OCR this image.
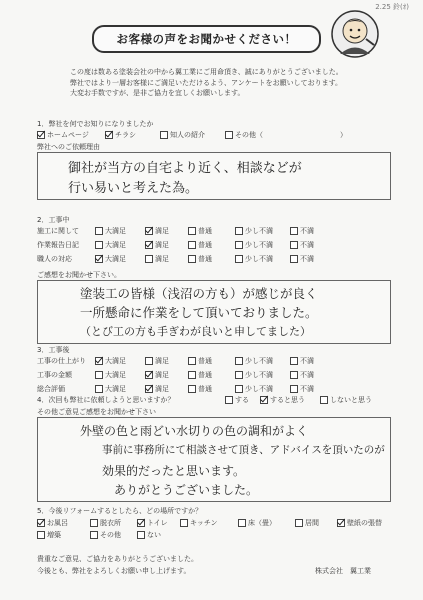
2.25 鈴(ｵ)
お客様の声をお聞かせください！
この度は数ある塗装会社の中から翼工業にご用命頂き、誠にありがとうございました。
弊社ではより一層お客様にご満足いただけるよう、アンケートをお願いしております。
大変お手数ですが、是非ご協力を宜しくお願いします。
1．弊社を何でお知りになりましたか
ホームページ	チラシ	知人の紹介	その他（	）
弊社へのご依頼理由
御社が当方の自宅より近く、相談などが
行い易いと考えた為。
2．工事中
施工に関して	大満足	満足	普通	少し不満	不満
作業報告日記	大満足	満足	普通	少し不満	不満
職人の対応	大満足	満足	普通	少し不満	不満
ご感想をお聞かせ下さい。
塗装工の皆様（浅沼の方も）が感じが良く
一所懸命に作業をして頂いておりました。
（とび工の方も手ぎわが良いと申してました）
3．工事後
工事の仕上がり	大満足	満足	普通	少し不満	不満
工事の金額	大満足	満足	普通	少し不満	不満
総合評価	大満足	満足	普通	少し不満	不満
4．次回も弊社に依頼しようと思いますか？	する	すると思う	しないと思う
その他ご意見ご感想をお聞かせ下さい
外壁の色と雨どい水切りの色の調和がよく
事前に事務所にて相談させて頂き、アドバイスを頂いたのが
効果的だったと思います。
ありがとうございました。
5．今後リフォームするとしたら、どの場所ですか？
お風呂	脱衣所	トイレ	キッチン	床（畳）	居間	壁紙の張替
増築	その他	ない
貴重なご意見、ご協力をありがとうございました。
今後とも、弊社をよろしくお願い申し上げます。	株式会社　翼工業
